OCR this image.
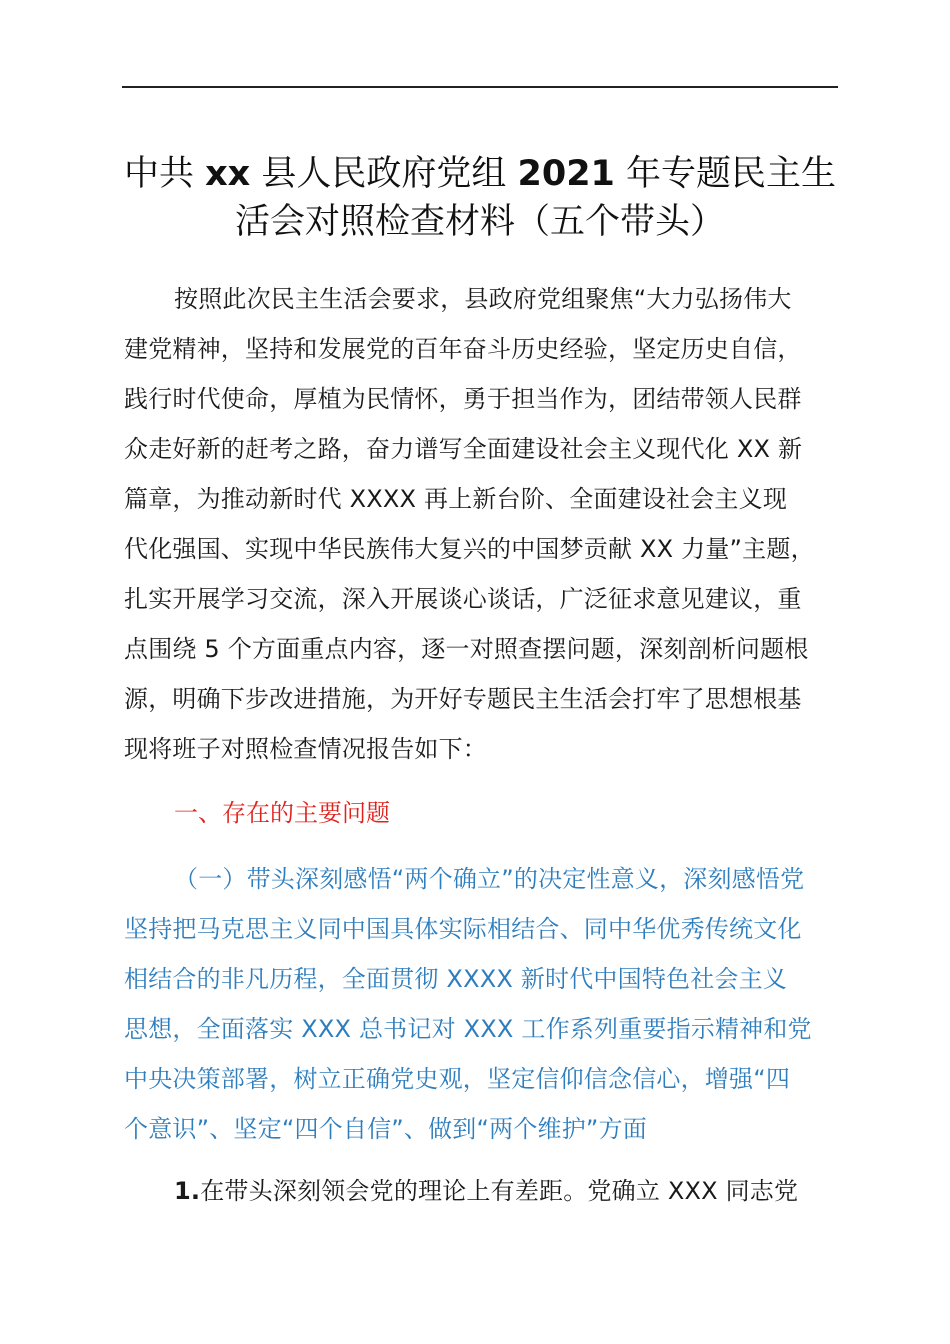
中共 xx 县人民政府党组 2021 年专题民主生
活会对照检查材料（五个带头）

按照此次民主生活会要求，县政府党组聚焦“大力弘扬伟大
建党精神，坚持和发展党的百年奋斗历史经验，坚定历史自信，
践行时代使命，厚植为民情怀，勇于担当作为，团结带领人民群
众走好新的赶考之路，奋力谱写全面建设社会主义现代化 XX 新
篇章，为推动新时代 XXXX 再上新台阶、全面建设社会主义现
代化强国、实现中华民族伟大复兴的中国梦贡献 XX 力量”主题，
扎实开展学习交流，深入开展谈心谈话，广泛征求意见建议，重
点围绕 5 个方面重点内容，逐一对照查摆问题，深刻剖析问题根
源，明确下步改进措施，为开好专题民主生活会打牢了思想根基
现将班子对照检查情况报告如下：

一、存在的主要问题

（一）带头深刻感悟“两个确立”的决定性意义，深刻感悟党
坚持把马克思主义同中国具体实际相结合、同中华优秀传统文化
相结合的非凡历程，全面贯彻 XXXX 新时代中国特色社会主义
思想，全面落实 XXX 总书记对 XXX 工作系列重要指示精神和党
中央决策部署，树立正确党史观，坚定信仰信念信心，增强“四
个意识”、坚定“四个自信”、做到“两个维护”方面

1.在带头深刻领会党的理论上有差距。党确立 XXX 同志党
